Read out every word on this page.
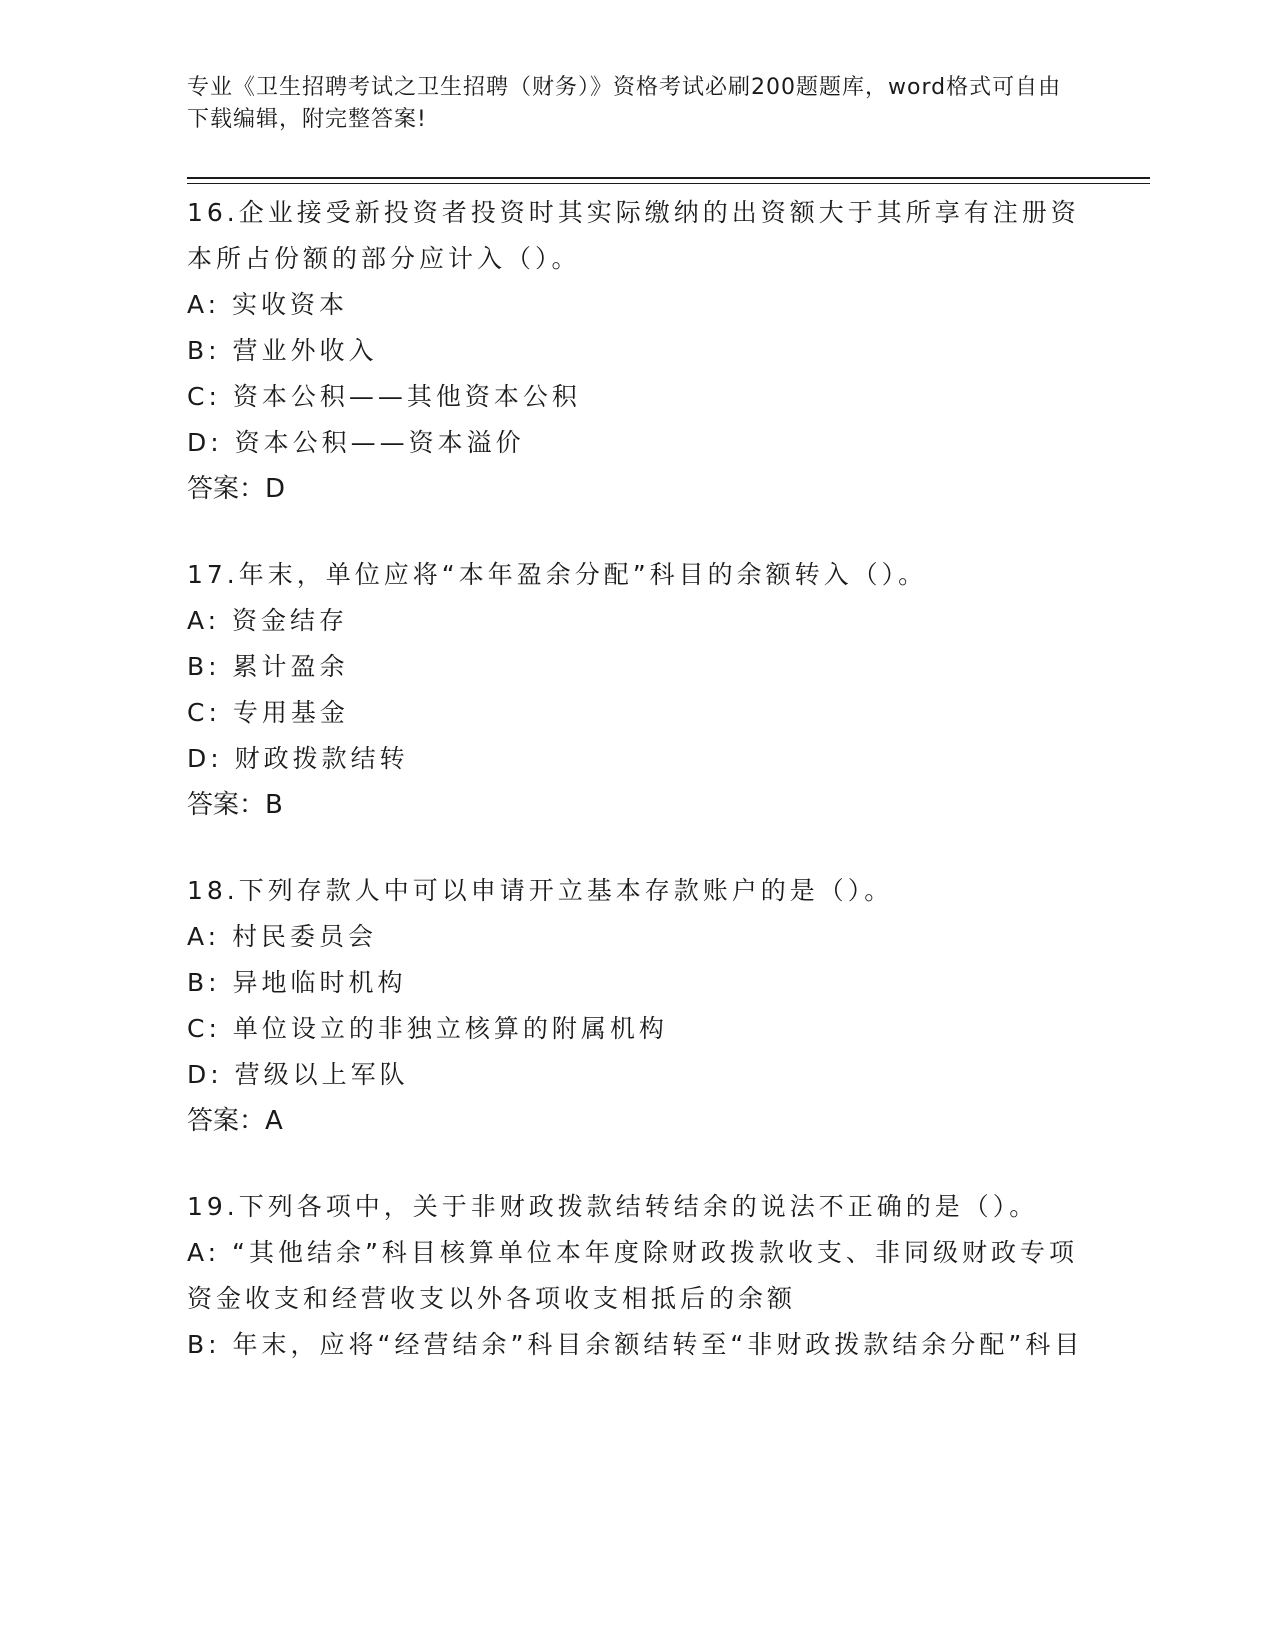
专业《卫生招聘考试之卫生招聘（财务）》资格考试必刷200题题库，word格式可自由下载编辑，附完整答案!
16.企业接受新投资者投资时其实际缴纳的出资额大于其所享有注册资本所占份额的部分应计入（）。
A: 实收资本
B: 营业外收入
C: 资本公积——其他资本公积
D: 资本公积——资本溢价
答案：D
17.年末，单位应将“本年盈余分配”科目的余额转入（）。
A: 资金结存
B: 累计盈余
C: 专用基金
D: 财政拨款结转
答案：B
18.下列存款人中可以申请开立基本存款账户的是（）。
A: 村民委员会
B: 异地临时机构
C: 单位设立的非独立核算的附属机构
D: 营级以上军队
答案：A
19.下列各项中，关于非财政拨款结转结余的说法不正确的是（）。
A: “其他结余”科目核算单位本年度除财政拨款收支、非同级财政专项资金收支和经营收支以外各项收支相抵后的余额
B: 年末，应将“经营结余”科目余额结转至“非财政拨款结余分配”科目
